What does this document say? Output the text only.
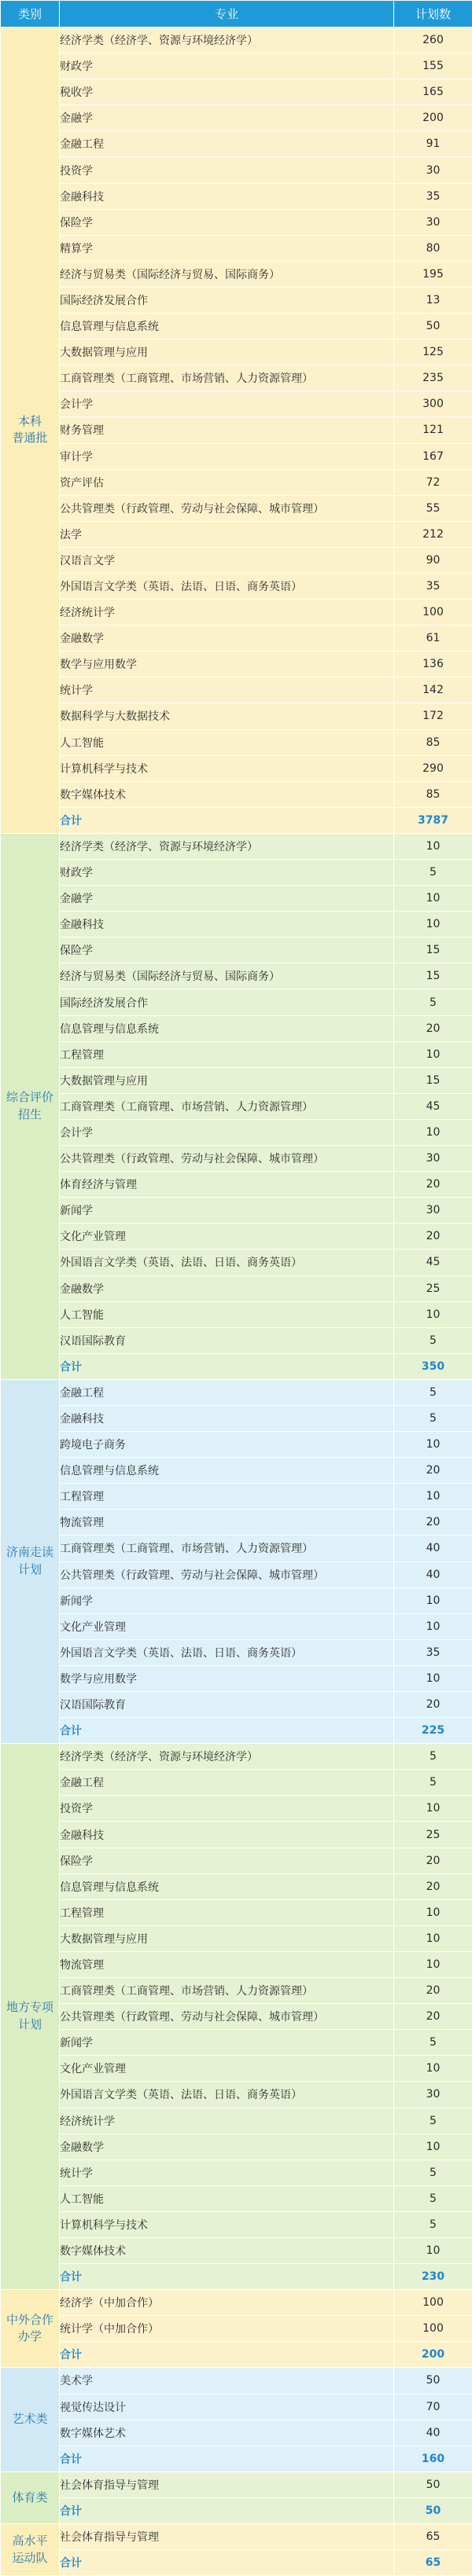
类别	专业	计划数
本科
普通批	经济学类（经济学、资源与环境经济学）	260
	财政学	155
	税收学	165
	金融学	200
	金融工程	91
	投资学	30
	金融科技	35
	保险学	30
	精算学	80
	经济与贸易类（国际经济与贸易、国际商务）	195
	国际经济发展合作	13
	信息管理与信息系统	50
	大数据管理与应用	125
	工商管理类（工商管理、市场营销、人力资源管理）	235
	会计学	300
	财务管理	121
	审计学	167
	资产评估	72
	公共管理类（行政管理、劳动与社会保障、城市管理）	55
	法学	212
	汉语言文学	90
	外国语言文学类（英语、法语、日语、商务英语）	35
	经济统计学	100
	金融数学	61
	数学与应用数学	136
	统计学	142
	数据科学与大数据技术	172
	人工智能	85
	计算机科学与技术	290
	数字媒体技术	85
	合计	3787
综合评价
招生	经济学类（经济学、资源与环境经济学）	10
	财政学	5
	金融学	10
	金融科技	10
	保险学	15
	经济与贸易类（国际经济与贸易、国际商务）	15
	国际经济发展合作	5
	信息管理与信息系统	20
	工程管理	10
	大数据管理与应用	15
	工商管理类（工商管理、市场营销、人力资源管理）	45
	会计学	10
	公共管理类（行政管理、劳动与社会保障、城市管理）	30
	体育经济与管理	20
	新闻学	30
	文化产业管理	20
	外国语言文学类（英语、法语、日语、商务英语）	45
	金融数学	25
	人工智能	10
	汉语国际教育	5
	合计	350
济南走读
计划	金融工程	5
	金融科技	5
	跨境电子商务	10
	信息管理与信息系统	20
	工程管理	10
	物流管理	20
	工商管理类（工商管理、市场营销、人力资源管理）	40
	公共管理类（行政管理、劳动与社会保障、城市管理）	40
	新闻学	10
	文化产业管理	10
	外国语言文学类（英语、法语、日语、商务英语）	35
	数学与应用数学	10
	汉语国际教育	20
	合计	225
地方专项
计划	经济学类（经济学、资源与环境经济学）	5
	金融工程	5
	投资学	10
	金融科技	25
	保险学	20
	信息管理与信息系统	20
	工程管理	10
	大数据管理与应用	10
	物流管理	10
	工商管理类（工商管理、市场营销、人力资源管理）	20
	公共管理类（行政管理、劳动与社会保障、城市管理）	20
	新闻学	5
	文化产业管理	10
	外国语言文学类（英语、法语、日语、商务英语）	30
	经济统计学	5
	金融数学	10
	统计学	5
	人工智能	5
	计算机科学与技术	5
	数字媒体技术	10
	合计	230
中外合作
办学	经济学（中加合作）	100
	统计学（中加合作）	100
	合计	200
艺术类	美术学	50
	视觉传达设计	70
	数字媒体艺术	40
	合计	160
体育类	社会体育指导与管理	50
	合计	50
高水平
运动队	社会体育指导与管理	65
	合计	65
